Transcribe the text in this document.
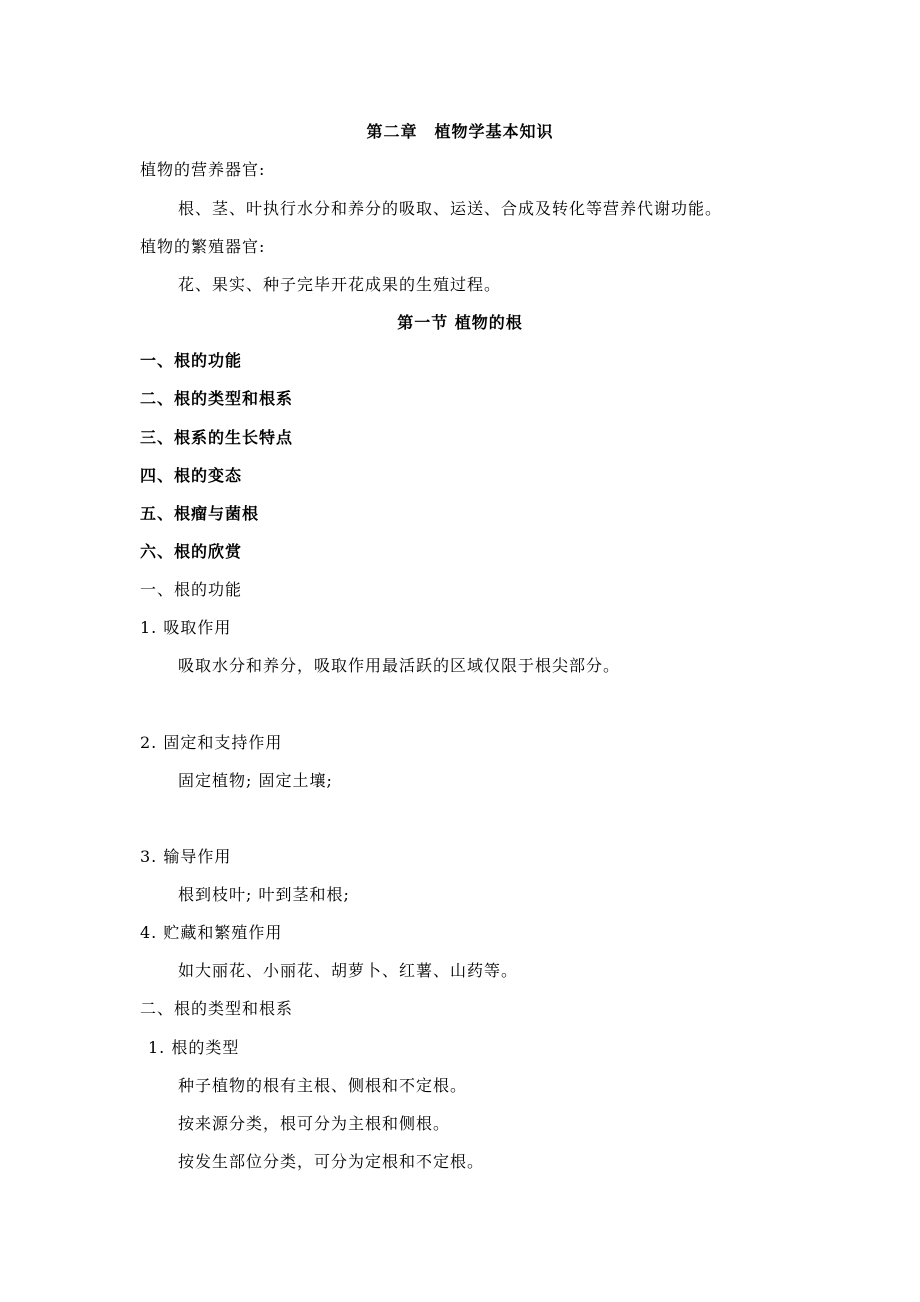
第二章　植物学基本知识
植物的营养器官:
根、茎、叶执行水分和养分的吸取、运送、合成及转化等营养代谢功能。
植物的繁殖器官:
花、果实、种子完毕开花成果的生殖过程。
第一节 植物的根
一、根的功能
二、根的类型和根系
三、根系的生长特点
四、根的变态
五、根瘤与菌根
六、根的欣赏
一、根的功能
1. 吸取作用
吸取水分和养分，吸取作用最活跃的区域仅限于根尖部分。
2. 固定和支持作用
固定植物; 固定土壤;
3. 输导作用
根到枝叶; 叶到茎和根;
4. 贮藏和繁殖作用
如大丽花、小丽花、胡萝卜、红薯、山药等。
二、根的类型和根系
1. 根的类型
种子植物的根有主根、侧根和不定根。
按来源分类，根可分为主根和侧根。
按发生部位分类，可分为定根和不定根。
